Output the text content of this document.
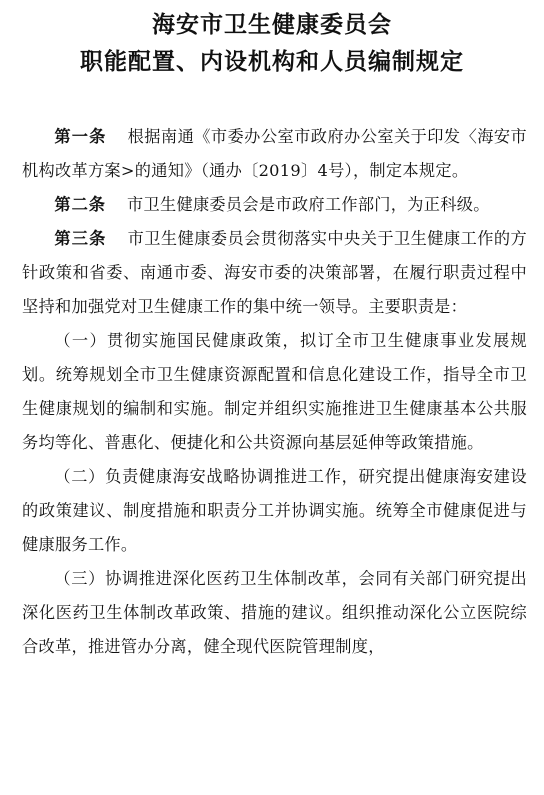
海安市卫生健康委员会
职能配置、内设机构和人员编制规定

第一条 根据南通《市委办公室市政府办公室关于印发〈海安市机构改革方案>的通知》（通办〔2019〕4号），制定本规定。

第二条 市卫生健康委员会是市政府工作部门，为正科级。

第三条 市卫生健康委员会贯彻落实中央关于卫生健康工作的方针政策和省委、南通市委、海安市委的决策部署，在履行职责过程中坚持和加强党对卫生健康工作的集中统一领导。主要职责是：

（一）贯彻实施国民健康政策，拟订全市卫生健康事业发展规划。统筹规划全市卫生健康资源配置和信息化建设工作，指导全市卫生健康规划的编制和实施。制定并组织实施推进卫生健康基本公共服务均等化、普惠化、便捷化和公共资源向基层延伸等政策措施。

（二）负责健康海安战略协调推进工作，研究提出健康海安建设的政策建议、制度措施和职责分工并协调实施。统筹全市健康促进与健康服务工作。

（三）协调推进深化医药卫生体制改革，会同有关部门研究提出深化医药卫生体制改革政策、措施的建议。组织推动深化公立医院综合改革，推进管办分离，健全现代医院管理制度，
